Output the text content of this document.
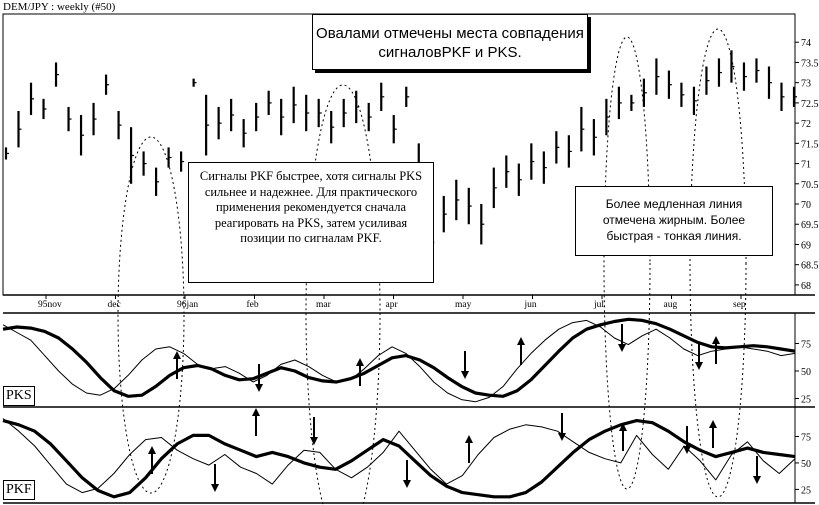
68
68.5
69
69.5
70
70.5
71
71.5
72
72.5
73
73.5
74
95nov	dec	96jan	feb	mar	apr	may	jun	jul	aug	sep
25
50
75
25
50
75
DEM/JPY : weekly (#50)
Овалами отмечены места совпадения сигналовPKF и PKS.
Сигналы PKF быстрее, хотя сигналы PKS сильнее и надежнее. Для практического применения рекомендуется сначала реагировать на PKS, затем усиливая позиции по сигналам PKF.
Более медленная линия отмечена жирным. Более быстрая - тонкая линия.
PKS
PKF
